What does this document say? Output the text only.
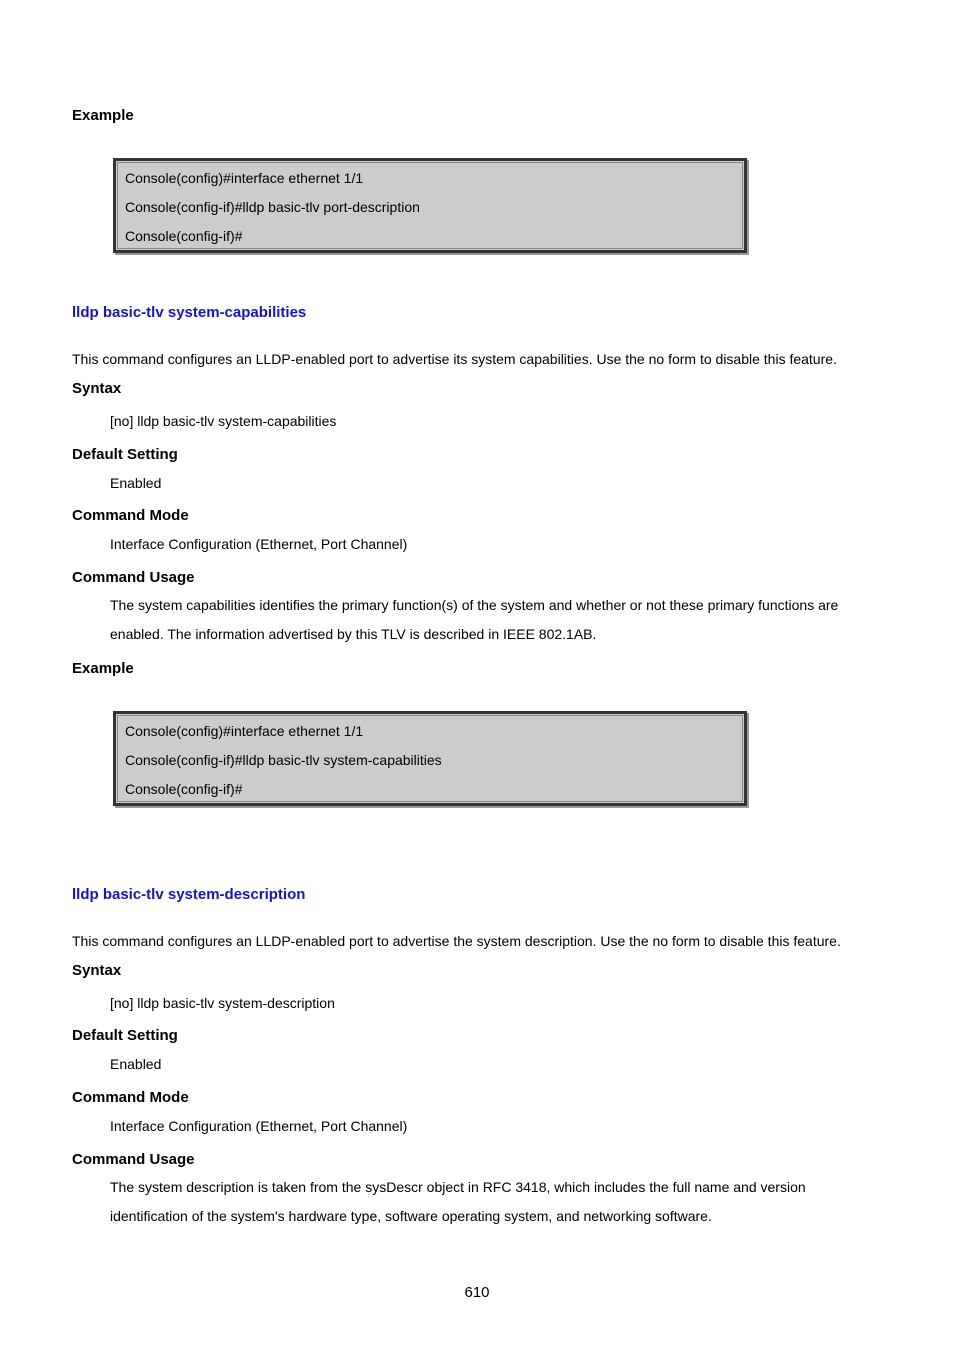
Example
Console(config)#interface ethernet 1/1
Console(config-if)#lldp basic-tlv port-description
Console(config-if)#
lldp basic-tlv system-capabilities
This command configures an LLDP-enabled port to advertise its system capabilities. Use the no form to disable this feature.
Syntax
[no] lldp basic-tlv system-capabilities
Default Setting
Enabled
Command Mode
Interface Configuration (Ethernet, Port Channel)
Command Usage
The system capabilities identifies the primary function(s) of the system and whether or not these primary functions are enabled. The information advertised by this TLV is described in IEEE 802.1AB.
Example
Console(config)#interface ethernet 1/1
Console(config-if)#lldp basic-tlv system-capabilities
Console(config-if)#
lldp basic-tlv system-description
This command configures an LLDP-enabled port to advertise the system description. Use the no form to disable this feature.
Syntax
[no] lldp basic-tlv system-description
Default Setting
Enabled
Command Mode
Interface Configuration (Ethernet, Port Channel)
Command Usage
The system description is taken from the sysDescr object in RFC 3418, which includes the full name and version identification of the system's hardware type, software operating system, and networking software.
610
